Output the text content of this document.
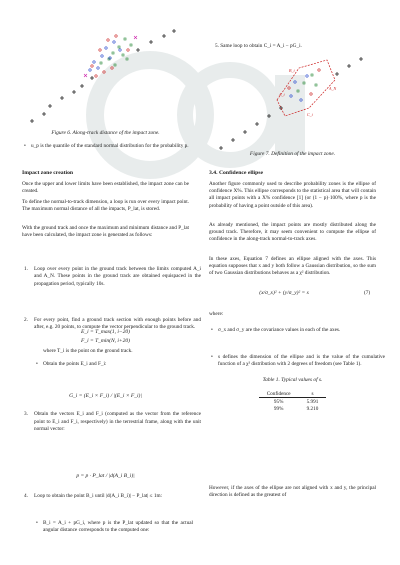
Figure 6. Along-track distance of the impact zone.
• u_p is the quantile of the standard normal distribution for the probability p.
Impact zone creation
Once the upper and lower limits have been established, the impact zone can be created.
To define the normal-to-track dimension, a loop is run over every impact point. The maximum normal distance of all the impacts, P_lat, is stored.
With the ground track and once the maximum and minimum distance and P_lat have been calculated, the impact zone is generated as follows:
1. Loop over every point in the ground track between the limits computed A_i and A_N. These points in the ground track are obtained equispaced in the propagation period, typically 10s.
2. For every point, find a ground track section with enough points before and after, e.g. 20 points, to compute the vector perpendicular to the ground track.
• Obtain the points E_i and F_i:
E_i = T_max(1, i−20)
F_i = T_min(N, i+20)
where T_i is the point on the ground track.
3. Obtain the vectors E_i and F_i (computed as the vector from the reference point to E_i and F_i, respectively) in the terrestrial frame, along with the unit normal vector:
G_i = (E_i × F_i) / |(E_i × F_i)|
4. Loop to obtain the point B_i until |d(A_i B_i)| − P_lat| ≤ 1m:
• B_i = A_i + pG_i, where p is the P_lat updated so that the actual angular distance corresponds to the computed one:
p = p · P_lat / |d(A_i B_i)|
5. Same loop to obtain C_i = A_i − pG_i.
B_i
A_i
A_N
C_i
Figure 7. Definition of the impact zone.
3.4. Confidence ellipse
Another figure commonly used to describe probability zones is the ellipse of confidence X%. This ellipse corresponds to the statistical area that will contain all impact points with a X% confidence [1] (or (1 − p)·100%, where p is the probability of having a point outside of this area).
As already mentioned, the impact points are mostly distributed along the ground track. Therefore, it may seem convenient to compute the ellipse of confidence in the along-track normal-to-track axes.
In these axes, Equation 7 defines an ellipse aligned with the axes. This equation supposes that x and y both follow a Gaussian distribution, so the sum of two Gaussian distributions behaves as a χ² distribution.
(x/σ_x)² + (y/σ_y)² = s	(7)
where:
• σ_x and σ_y are the covariance values in each of the axes.
• s defines the dimension of the ellipse and is the value of the cumulative function of a χ² distribution with 2 degrees of freedom (see Table 1).
Table 1. Typical values of s.
Confidence	s
95%	5.991
99%	9.210
However, if the axes of the ellipse are not aligned with x and y, the principal direction is defined as the greatest of
